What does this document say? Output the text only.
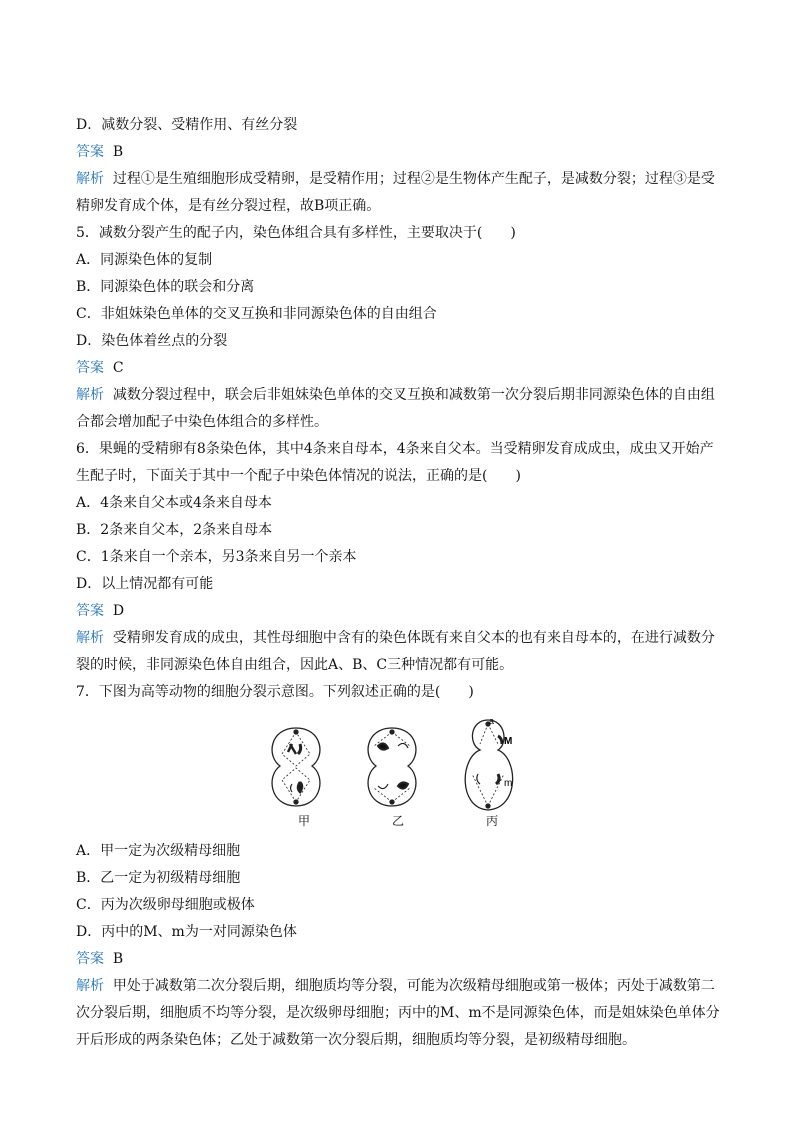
D．减数分裂、受精作用、有丝分裂
答案 B
解析 过程①是生殖细胞形成受精卵，是受精作用；过程②是生物体产生配子，是减数分裂；过程③是受
精卵发育成个体，是有丝分裂过程，故B项正确。
5．减数分裂产生的配子内，染色体组合具有多样性，主要取决于(　　)
A．同源染色体的复制
B．同源染色体的联会和分离
C．非姐妹染色单体的交叉互换和非同源染色体的自由组合
D．染色体着丝点的分裂
答案 C
解析 减数分裂过程中，联会后非姐妹染色单体的交叉互换和减数第一次分裂后期非同源染色体的自由组
合都会增加配子中染色体组合的多样性。
6．果蝇的受精卵有8条染色体，其中4条来自母本，4条来自父本。当受精卵发育成成虫，成虫又开始产
生配子时，下面关于其中一个配子中染色体情况的说法，正确的是(　　)
A．4条来自父本或4条来自母本
B．2条来自父本，2条来自母本
C．1条来自一个亲本，另3条来自另一个亲本
D．以上情况都有可能
答案 D
解析 受精卵发育成的成虫，其性母细胞中含有的染色体既有来自父本的也有来自母本的，在进行减数分
裂的时候，非同源染色体自由组合，因此A、B、C三种情况都有可能。
7．下图为高等动物的细胞分裂示意图。下列叙述正确的是(　　)
a
M
m
甲	乙	丙
A．甲一定为次级精母细胞
B．乙一定为初级精母细胞
C．丙为次级卵母细胞或极体
D．丙中的M、m为一对同源染色体
答案 B
解析 甲处于减数第二次分裂后期，细胞质均等分裂，可能为次级精母细胞或第一极体；丙处于减数第二
次分裂后期，细胞质不均等分裂，是次级卵母细胞；丙中的M、m不是同源染色体，而是姐妹染色单体分
开后形成的两条染色体；乙处于减数第一次分裂后期，细胞质均等分裂，是初级精母细胞。
